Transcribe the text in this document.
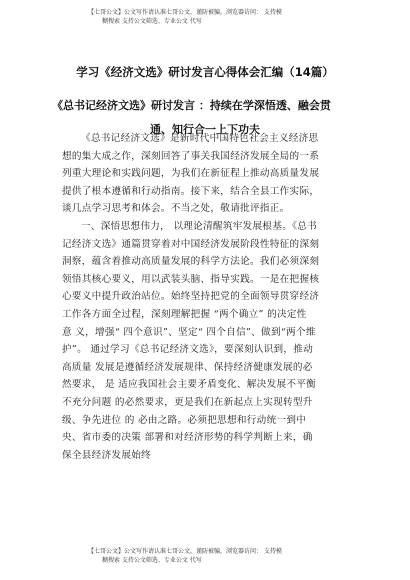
【七哥公文】公文写作请认准七哥公文，谨防被骗，浏览器访问： 支持模
糊搜索 支持公文筛选、专业公文 代写
学习《经济文选》研讨发言心得体会汇编（14篇）
《总书记经济文选》研讨发言 ：持续在学深悟透、融会贯
通、知行合一上下功夫
《总书记经济文选》是新时代中国特色社会主义经济思
想的集大成之作，深刻回答了事关我国经济发展全局的一系
列重大理论和实践问题，为我们在新征程上推动高质量发展
提供了根本遵循和行动指南。接下来，结合全县工作实际，
谈几点学习思考和体会。不当之处，敬请批评指正。
一、深悟思想伟力， 以理论清醒筑牢发展根基。《总书
记经济文选》通篇贯穿着对中国经济发展阶段性特征的深刻
洞察，蕴含着推动高质量发展的科学方法论。我们必须深刻
领悟其核心要义，用以武装头脑、指导实践。一是在把握核
心要义中提升政治站位。始终坚持把党的全面领导贯穿经济
工作各方面全过程，深刻理解把握 “两个确立” 的决定性
意 义，增强“ 四个意识”、坚定“ 四个自信”、做到“两个维
护”。 通过学习《总书记经济文选》，要深刻认识到，推动
高质量 发展是遵循经济发展规律、保持经济健康发展的必
然要求， 是 适应我国社会主要矛盾变化、解决发展不平衡
不充分问题 的必然要求，更是我们在新起点上实现转型升
级、争先进位 的 必由之路。必须把思想和行动统一到中
央、省市委的决策 部署和对经济形势的科学判断上来，确
保全县经济发展始终
【七哥公文】公文写作请认准七哥公文，谨防被骗，浏览器访问： 支持模
糊搜索 支持公文筛选、专业公文 代写
